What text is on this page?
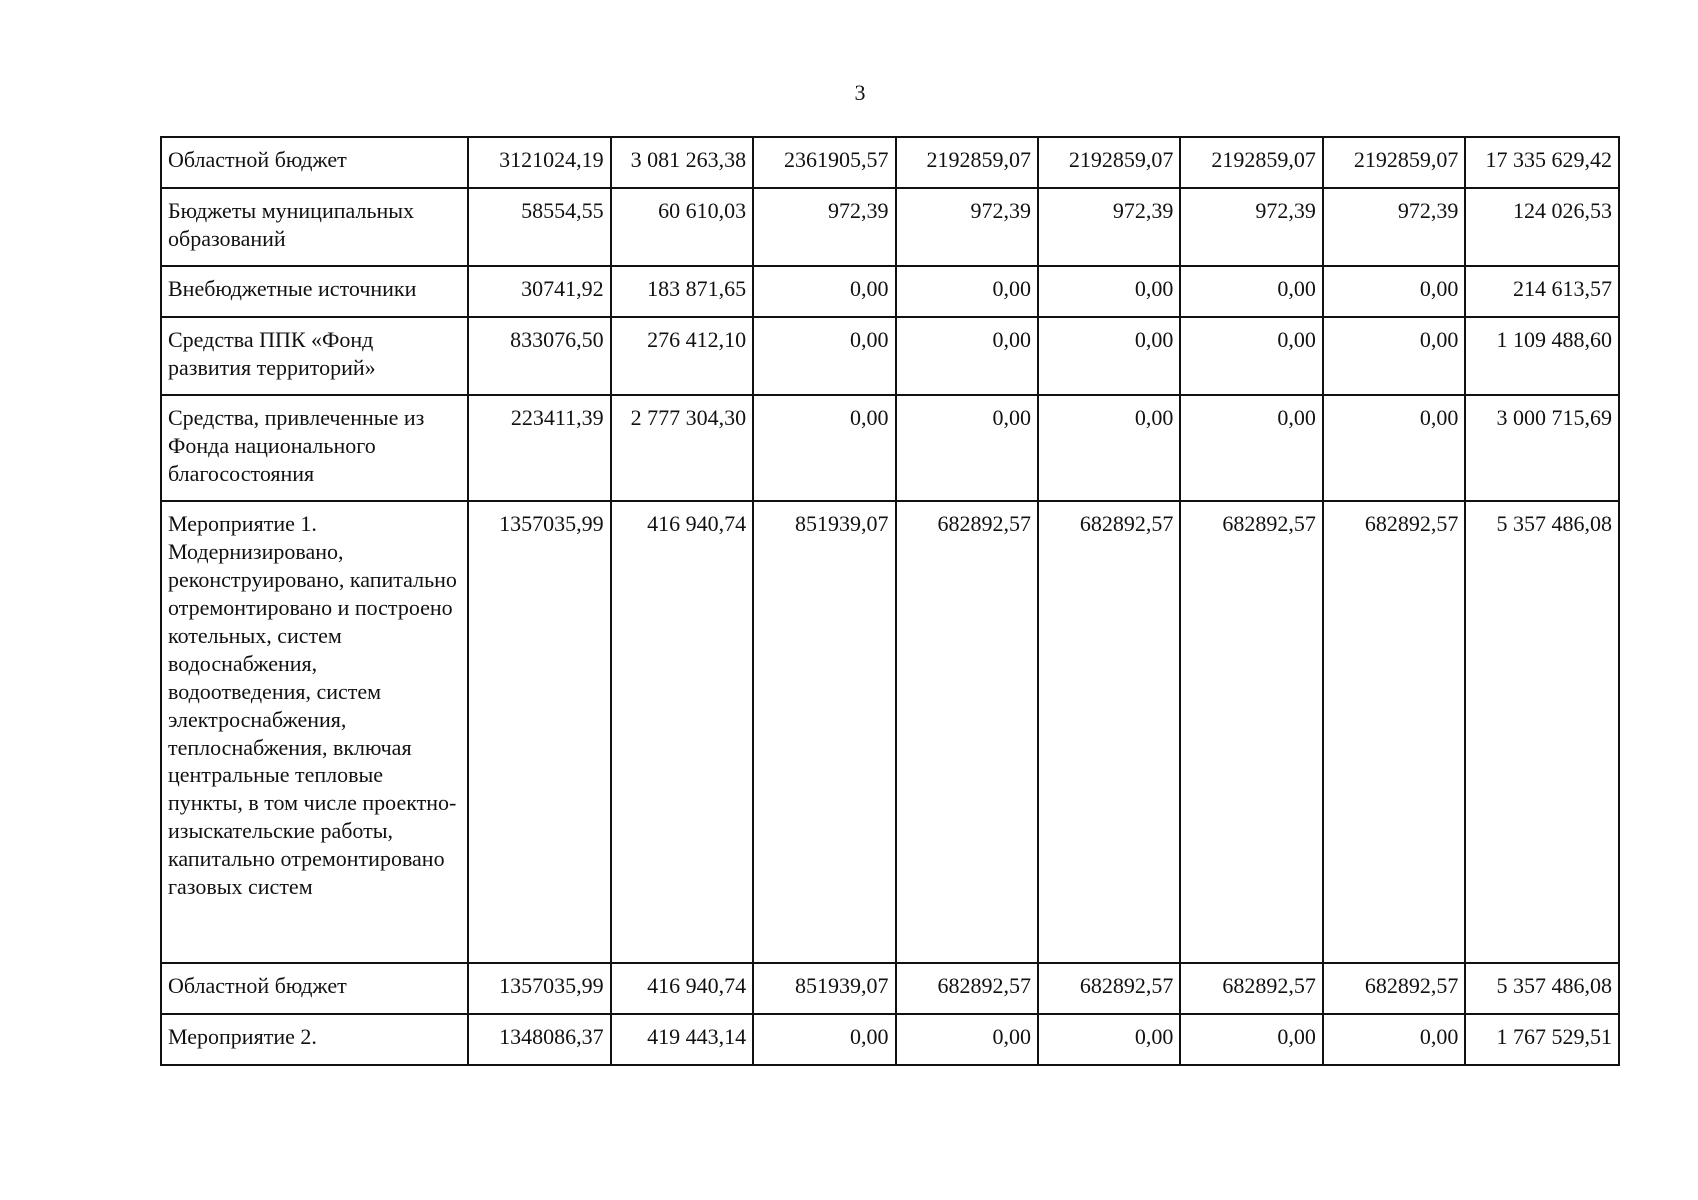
3
Областной бюджет	3121024,19	3 081 263,38	2361905,57	2192859,07	2192859,07	2192859,07	2192859,07	17 335 629,42
Бюджеты муниципальных образований	58554,55	60 610,03	972,39	972,39	972,39	972,39	972,39	124 026,53
Внебюджетные источники	30741,92	183 871,65	0,00	0,00	0,00	0,00	0,00	214 613,57
Средства ППК «Фонд развития территорий»	833076,50	276 412,10	0,00	0,00	0,00	0,00	0,00	1 109 488,60
Средства, привлеченные из Фонда национального благосостояния	223411,39	2 777 304,30	0,00	0,00	0,00	0,00	0,00	3 000 715,69
Мероприятие 1. Модернизировано, реконструировано, капитально отремонтировано и построено котельных, систем водоснабжения, водоотведения, систем электроснабжения, теплоснабжения, включая центральные тепловые пункты, в том числе проектно-изыскательские работы, капитально отремонтировано газовых систем	1357035,99	416 940,74	851939,07	682892,57	682892,57	682892,57	682892,57	5 357 486,08
Областной бюджет	1357035,99	416 940,74	851939,07	682892,57	682892,57	682892,57	682892,57	5 357 486,08
Мероприятие 2.	1348086,37	419 443,14	0,00	0,00	0,00	0,00	0,00	1 767 529,51
